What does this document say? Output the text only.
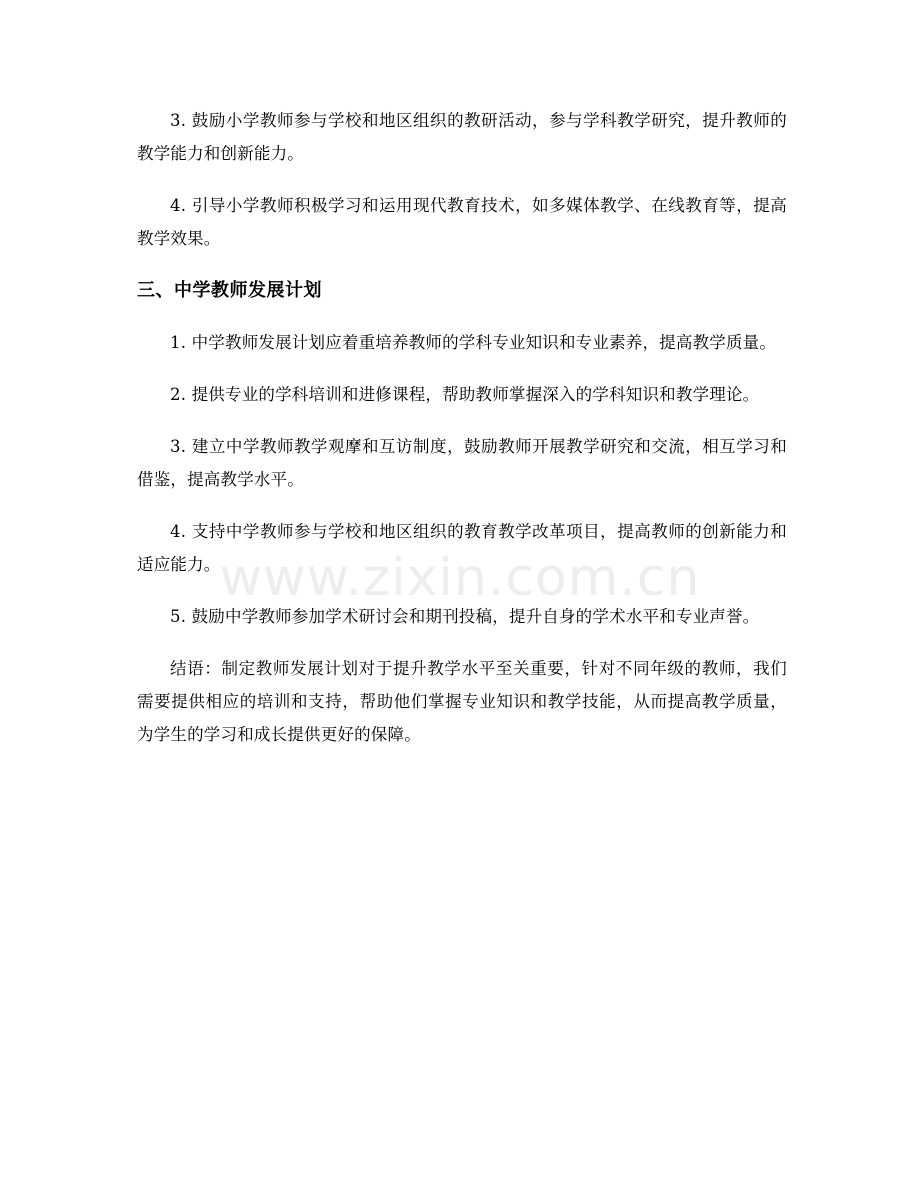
3. 鼓励小学教师参与学校和地区组织的教研活动，参与学科教学研究，提升教师的教学能力和创新能力。

4. 引导小学教师积极学习和运用现代教育技术，如多媒体教学、在线教育等，提高教学效果。

三、中学教师发展计划

1. 中学教师发展计划应着重培养教师的学科专业知识和专业素养，提高教学质量。

2. 提供专业的学科培训和进修课程，帮助教师掌握深入的学科知识和教学理论。

3. 建立中学教师教学观摩和互访制度，鼓励教师开展教学研究和交流，相互学习和借鉴，提高教学水平。

4. 支持中学教师参与学校和地区组织的教育教学改革项目，提高教师的创新能力和适应能力。

5. 鼓励中学教师参加学术研讨会和期刊投稿，提升自身的学术水平和专业声誉。

结语：制定教师发展计划对于提升教学水平至关重要，针对不同年级的教师，我们需要提供相应的培训和支持，帮助他们掌握专业知识和教学技能，从而提高教学质量，为学生的学习和成长提供更好的保障。

www.zixin.com.cn
